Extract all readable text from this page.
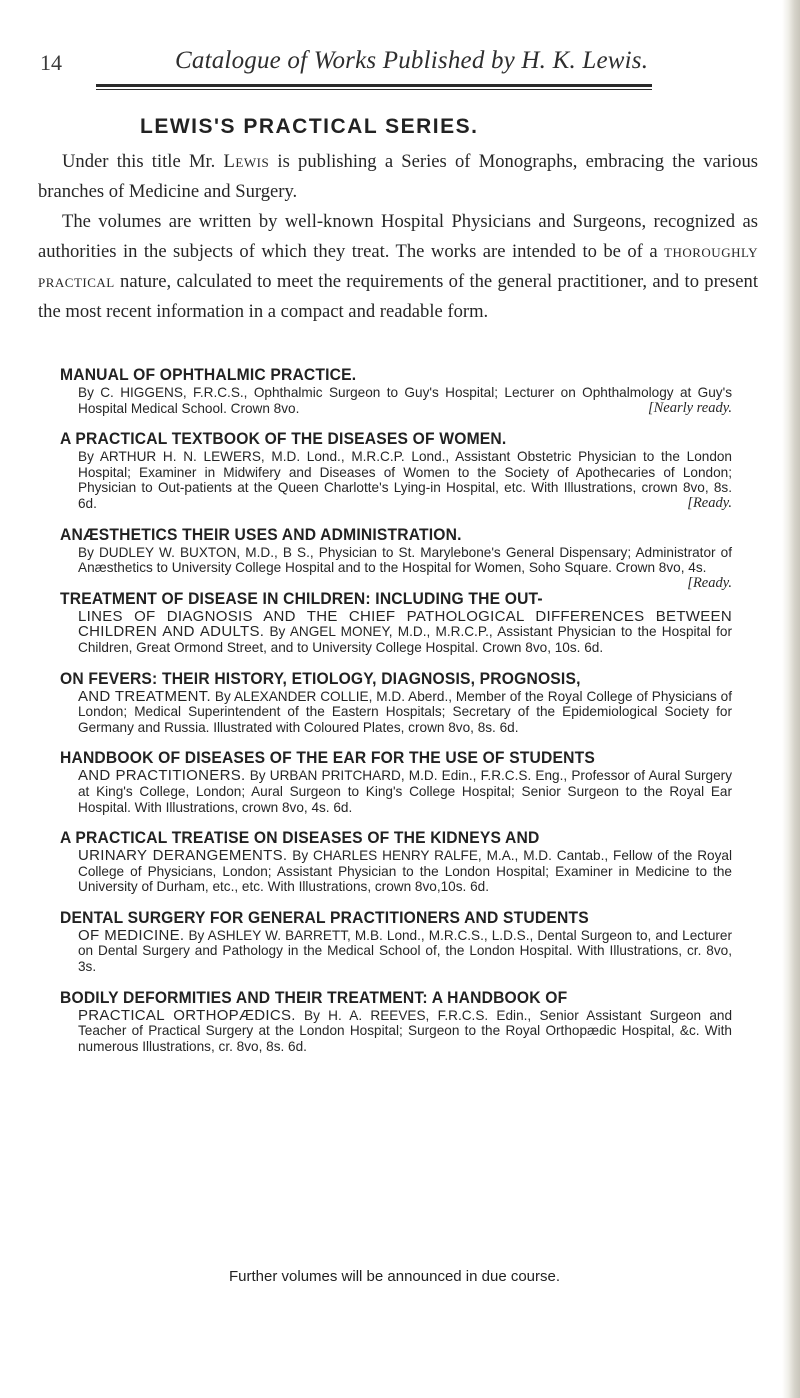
14	Catalogue of Works Published by H. K. Lewis.
LEWIS'S PRACTICAL SERIES.

Under this title Mr. Lewis is publishing a Series of Monographs, embracing the various branches of Medicine and Surgery.

The volumes are written by well-known Hospital Physicians and Surgeons, recognized as authorities in the subjects of which they treat. The works are intended to be of a thoroughly practical nature, calculated to meet the requirements of the general practitioner, and to present the most recent information in a compact and readable form.

MANUAL OF OPHTHALMIC PRACTICE.
By C. HIGGENS, F.R.C.S., Ophthalmic Surgeon to Guy's Hospital; Lecturer on Ophthalmology at Guy's Hospital Medical School. Crown 8vo.	[Nearly ready.
A PRACTICAL TEXTBOOK OF THE DISEASES OF WOMEN.
By ARTHUR H. N. LEWERS, M.D. Lond., M.R.C.P. Lond., Assistant Obstetric Physician to the London Hospital; Examiner in Midwifery and Diseases of Women to the Society of Apothecaries of London; Physician to Out-patients at the Queen Charlotte's Lying-in Hospital, etc. With Illustrations, crown 8vo, 8s. 6d.	[Ready.
ANÆSTHETICS THEIR USES AND ADMINISTRATION.
By DUDLEY W. BUXTON, M.D., B S., Physician to St. Marylebone's General Dispensary; Administrator of Anæsthetics to University College Hospital and to the Hospital for Women, Soho Square. Crown 8vo, 4s.
[Ready.
TREATMENT OF DISEASE IN CHILDREN: INCLUDING THE OUT-
LINES OF DIAGNOSIS AND THE CHIEF PATHOLOGICAL DIFFERENCES BETWEEN CHILDREN AND ADULTS. By ANGEL MONEY, M.D., M.R.C.P., Assistant Physician to the Hospital for Children, Great Ormond Street, and to University College Hospital. Crown 8vo, 10s. 6d.
ON FEVERS: THEIR HISTORY, ETIOLOGY, DIAGNOSIS, PROGNOSIS,
AND TREATMENT. By ALEXANDER COLLIE, M.D. Aberd., Member of the Royal College of Physicians of London; Medical Superintendent of the Eastern Hospitals; Secretary of the Epidemiological Society for Germany and Russia. Illustrated with Coloured Plates, crown 8vo, 8s. 6d.
HANDBOOK OF DISEASES OF THE EAR FOR THE USE OF STUDENTS
AND PRACTITIONERS. By URBAN PRITCHARD, M.D. Edin., F.R.C.S. Eng., Professor of Aural Surgery at King's College, London; Aural Surgeon to King's College Hospital; Senior Surgeon to the Royal Ear Hospital. With Illustrations, crown 8vo, 4s. 6d.
A PRACTICAL TREATISE ON DISEASES OF THE KIDNEYS AND
URINARY DERANGEMENTS. By CHARLES HENRY RALFE, M.A., M.D. Cantab., Fellow of the Royal College of Physicians, London; Assistant Physician to the London Hospital; Examiner in Medicine to the University of Durham, etc., etc. With Illustrations, crown 8vo,10s. 6d.
DENTAL SURGERY FOR GENERAL PRACTITIONERS AND STUDENTS
OF MEDICINE. By ASHLEY W. BARRETT, M.B. Lond., M.R.C.S., L.D.S., Dental Surgeon to, and Lecturer on Dental Surgery and Pathology in the Medical School of, the London Hospital. With Illustrations, cr. 8vo, 3s.
BODILY DEFORMITIES AND THEIR TREATMENT: A HANDBOOK OF
PRACTICAL ORTHOPÆDICS. By H. A. REEVES, F.R.C.S. Edin., Senior Assistant Surgeon and Teacher of Practical Surgery at the London Hospital; Surgeon to the Royal Orthopædic Hospital, &c. With numerous Illustrations, cr. 8vo, 8s. 6d.
Further volumes will be announced in due course.
